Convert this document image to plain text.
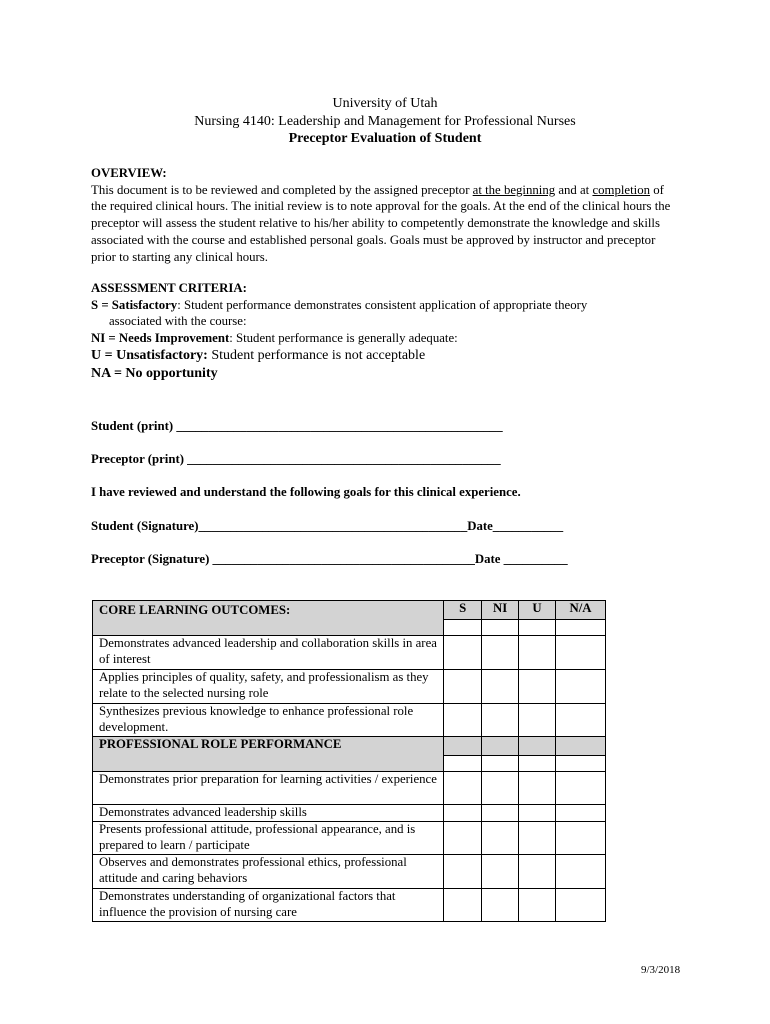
University of Utah
Nursing 4140: Leadership and Management for Professional Nurses
Preceptor Evaluation of Student
OVERVIEW:
This document is to be reviewed and completed by the assigned preceptor at the beginning and at completion of the required clinical hours. The initial review is to note approval for the goals. At the end of the clinical hours the preceptor will assess the student relative to his/her ability to competently demonstrate the knowledge and skills associated with the course and established personal goals. Goals must be approved by instructor and preceptor prior to starting any clinical hours.
ASSESSMENT CRITERIA:
S = Satisfactory: Student performance demonstrates consistent application of appropriate theory
associated with the course:
NI = Needs Improvement: Student performance is generally adequate:
U = Unsatisfactory: Student performance is not acceptable
NA = No opportunity
Student (print) ___________________________________________________
Preceptor (print) _________________________________________________
I have reviewed and understand the following goals for this clinical experience.
Student (Signature)__________________________________________Date___________
Preceptor (Signature) _________________________________________Date __________
CORE LEARNING OUTCOMES:	S	NI	U	N/A

Demonstrates advanced leadership and collaboration skills in area of interest				
Applies principles of quality, safety, and professionalism as they relate to the selected nursing role				
Synthesizes previous knowledge to enhance professional role development.				
PROFESSIONAL ROLE PERFORMANCE				

Demonstrates prior preparation for learning activities / experience				
Demonstrates advanced leadership skills				
Presents professional attitude, professional appearance, and is prepared to learn / participate				
Observes and demonstrates professional ethics, professional attitude and caring behaviors				
Demonstrates understanding of organizational factors that influence the provision of nursing care				
9/3/2018
